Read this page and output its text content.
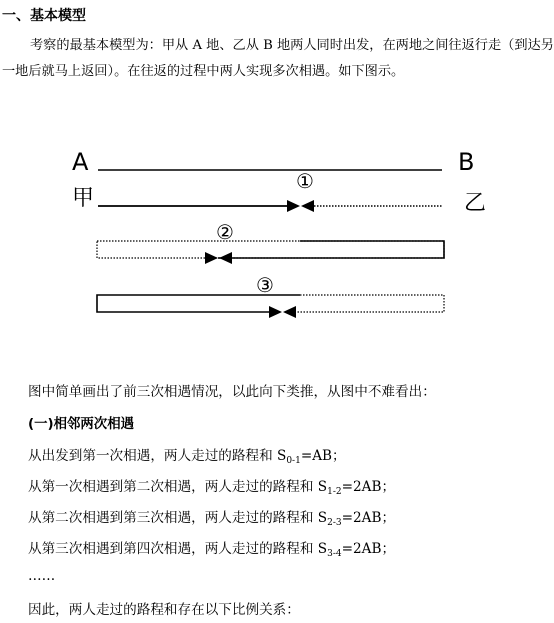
一、基本模型
考察的最基本模型为：甲从 A 地、乙从 B 地两人同时出发，在两地之间往返行走（到达另一地后就马上返回）。在往返的过程中两人实现多次相遇。如下图示。
A	B
甲	乙
①
②
③
图中简单画出了前三次相遇情况，以此向下类推，从图中不难看出：
(一)相邻两次相遇
从出发到第一次相遇，两人走过的路程和 $S_{0-1}=AB$；
从第一次相遇到第二次相遇，两人走过的路程和 $S_{1-2}=2AB$；
从第二次相遇到第三次相遇，两人走过的路程和 $S_{2-3}=2AB$；
从第三次相遇到第四次相遇，两人走过的路程和 $S_{3-4}=2AB$；
……
因此，两人走过的路程和存在以下比例关系：
